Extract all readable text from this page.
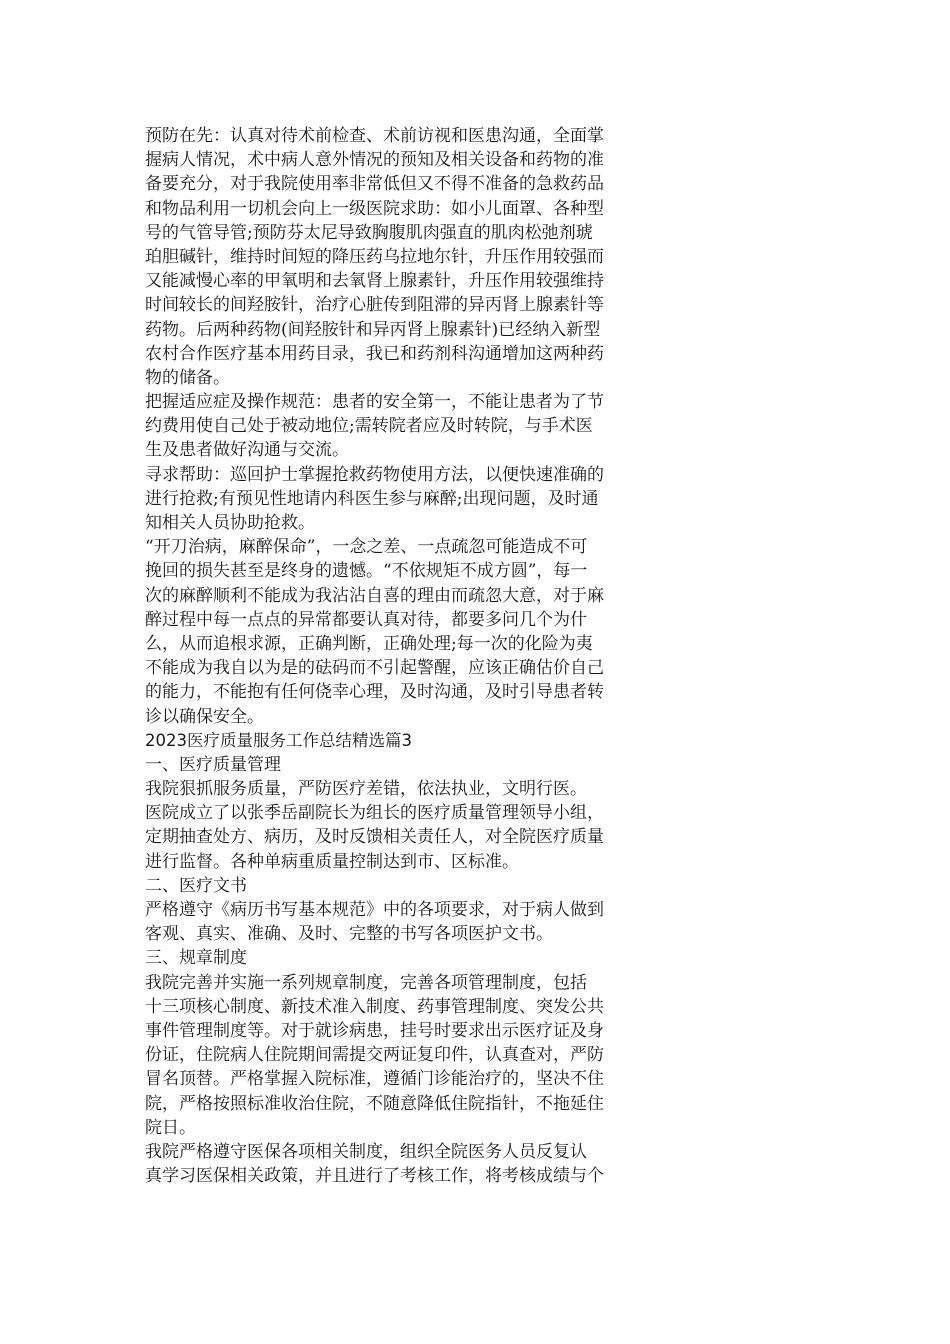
预防在先：认真对待术前检查、术前访视和医患沟通，全面掌
握病人情况，术中病人意外情况的预知及相关设备和药物的准
备要充分，对于我院使用率非常低但又不得不准备的急救药品
和物品利用一切机会向上一级医院求助：如小儿面罩、各种型
号的气管导管;预防芬太尼导致胸腹肌肉强直的肌肉松弛剂琥
珀胆碱针，维持时间短的降压药乌拉地尔针，升压作用较强而
又能减慢心率的甲氧明和去氧肾上腺素针，升压作用较强维持
时间较长的间羟胺针，治疗心脏传到阻滞的异丙肾上腺素针等
药物。后两种药物(间羟胺针和异丙肾上腺素针)已经纳入新型
农村合作医疗基本用药目录，我已和药剂科沟通增加这两种药
物的储备。
把握适应症及操作规范：患者的安全第一，不能让患者为了节
约费用使自己处于被动地位;需转院者应及时转院，与手术医
生及患者做好沟通与交流。
寻求帮助：巡回护士掌握抢救药物使用方法，以便快速准确的
进行抢救;有预见性地请内科医生参与麻醉;出现问题，及时通
知相关人员协助抢救。
“开刀治病，麻醉保命”，一念之差、一点疏忽可能造成不可
挽回的损失甚至是终身的遗憾。“不依规矩不成方圆”，每一
次的麻醉顺利不能成为我沾沾自喜的理由而疏忽大意，对于麻
醉过程中每一点点的异常都要认真对待，都要多问几个为什
么，从而追根求源，正确判断，正确处理;每一次的化险为夷
不能成为我自以为是的砝码而不引起警醒，应该正确估价自己
的能力，不能抱有任何侥幸心理，及时沟通，及时引导患者转
诊以确保安全。
2023医疗质量服务工作总结精选篇3
一、医疗质量管理
我院狠抓服务质量，严防医疗差错，依法执业，文明行医。
医院成立了以张季岳副院长为组长的医疗质量管理领导小组，
定期抽查处方、病历，及时反馈相关责任人，对全院医疗质量
进行监督。各种单病重质量控制达到市、区标准。
二、医疗文书
严格遵守《病历书写基本规范》中的各项要求，对于病人做到
客观、真实、准确、及时、完整的书写各项医护文书。
三、规章制度
我院完善并实施一系列规章制度，完善各项管理制度，包括
十三项核心制度、新技术准入制度、药事管理制度、突发公共
事件管理制度等。对于就诊病患，挂号时要求出示医疗证及身
份证，住院病人住院期间需提交两证复印件，认真查对，严防
冒名顶替。严格掌握入院标准，遵循门诊能治疗的，坚决不住
院，严格按照标准收治住院，不随意降低住院指针，不拖延住
院日。
我院严格遵守医保各项相关制度，组织全院医务人员反复认
真学习医保相关政策，并且进行了考核工作，将考核成绩与个
